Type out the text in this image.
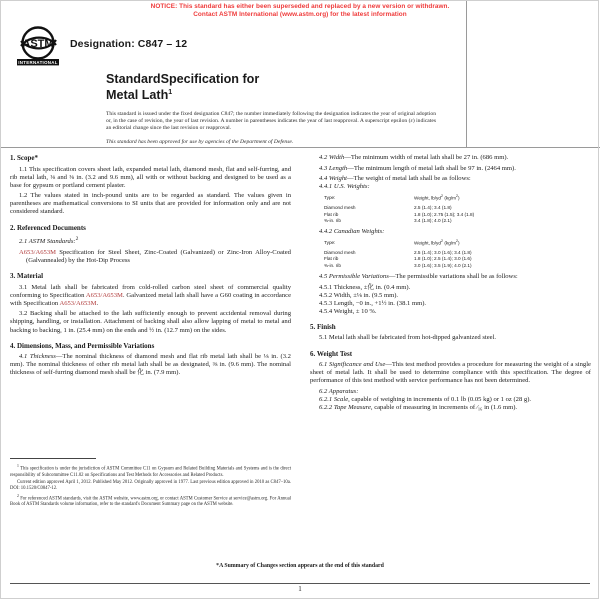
NOTICE: This standard has either been superseded and replaced by a new version or withdrawn.
Contact ASTM International (www.astm.org) for the latest information
ASTM
INTERNATIONAL
Designation: C847 – 12
StandardSpecification for
Metal Lath$^1$
This standard is issued under the fixed designation C847; the number immediately following the designation indicates the year of original adoption or, in the case of revision, the year of last revision. A number in parentheses indicates the year of last reapproval. A superscript epsilon (ε) indicates an editorial change since the last revision or reapproval.
This standard has been approved for use by agencies of the Department of Defense.
1. Scope*

1.1 This specification covers sheet lath, expanded metal lath, diamond mesh, flat and self-furring, and rib metal lath, ⅛ and ⅜ in. (3.2 and 9.6 mm), all with or without backing and designed to be used as a base for gypsum or portland cement plaster.

1.2 The values stated in inch-pound units are to be regarded as standard. The values given in parentheses are mathematical conversions to SI units that are provided for information only and are not considered standard.

2. Referenced Documents

2.1 ASTM Standards:$^2$

A653/A653M Specification for Steel Sheet, Zinc-Coated (Galvanized) or Zinc-Iron Alloy-Coated (Galvannealed) by the Hot-Dip Process

3. Material

3.1 Metal lath shall be fabricated from cold-rolled carbon steel sheet of commercial quality conforming to Specification A653/A653M. Galvanized metal lath shall have a G60 coating in accordance with Specification A653/A653M.

3.2 Backing shall be attached to the lath sufficiently enough to prevent accidental removal during shipping, handling, or installation. Attachment of backing shall also allow lapping of metal to metal and backing to backing, 1 in. (25.4 mm) on the ends and ½ in. (12.7 mm) on the sides.

4. Dimensions, Mass, and Permissible Variations

4.1 Thickness—The nominal thickness of diamond mesh and flat rib metal lath shall be ⅛ in. (3.2 mm). The nominal thickness of other rib metal lath shall be as designated, ⅜ in. (9.6 mm). The nominal thickness of self-furring diamond mesh shall be 化 in. (7.9 mm).

4.2 Width—The minimum width of metal lath shall be 27 in. (686 mm).

4.3 Length—The minimum length of metal lath shall be 97 in. (2464 mm).

4.4 Weight—The weight of metal lath shall be as follows:

4.4.1 U.S. Weights:

Type:	Weight, $lb/yd^2$ $(kg/m^2)$
Diamond mesh	2.5 (1.4); 3.4 (1.8)
Flat rib	1.8 (1.0); 2.75 (1.5); 3.4 (1.8)
⅜-in. rib	3.4 (1.8); 4.0 (2.1)

4.4.2 Canadian Weights:

Type:	Weight, $lb/yd^2$ $(kg/m^2)$
Diamond mesh	2.5 (1.4); 3.0 (1.6); 3.4 (1.8)
Flat rib	1.8 (1.0); 2.5 (1.4); 3.0 (1.6)
⅜-in. rib	3.0 (1.6); 3.5 (1.9); 4.0 (2.1)

4.5 Permissible Variations—The permissible variations shall be as follows:

4.5.1 Thickness, ±化 in. (0.4 mm).

4.5.2 Width, ±⅛ in. (9.5 mm).

4.5.3 Length, −0 in., +1½ in. (38.1 mm).

4.5.4 Weight, ± 10 %.

5. Finish

5.1 Metal lath shall be fabricated from hot-dipped galvanized steel.

6. Weight Test

6.1 Significance and Use—This test method provides a procedure for measuring the weight of a single sheet of metal lath. It shall be used to determine compliance with this specification. The degree of performance of this test method with service performance has not been determined.

6.2 Apparatus:

6.2.1 Scale, capable of weighing in increments of 0.1 lb (0.05 kg) or 1 oz (28 g).

6.2.2 Tape Measure, capable of measuring in increments of ⁄₁₆ in (1.6 mm).

$^1$ This specification is under the jurisdiction of ASTM Committee C11 on Gypsum and Related Building Materials and Systems and is the direct responsibility of Subcommittee C11.02 on Specifications and Test Methods for Accessories and Related Products.

Current edition approved April 1, 2012. Published May 2012. Originally approved in 1977. Last previous edition approved in 2010 as C847–10a. DOI: 10.1520/C0847-12.

$^2$ For referenced ASTM standards, visit the ASTM website, www.astm.org, or contact ASTM Customer Service at service@astm.org. For Annual Book of ASTM Standards volume information, refer to the standard's Document Summary page on the ASTM website.

*A Summary of Changes section appears at the end of this standard
1
